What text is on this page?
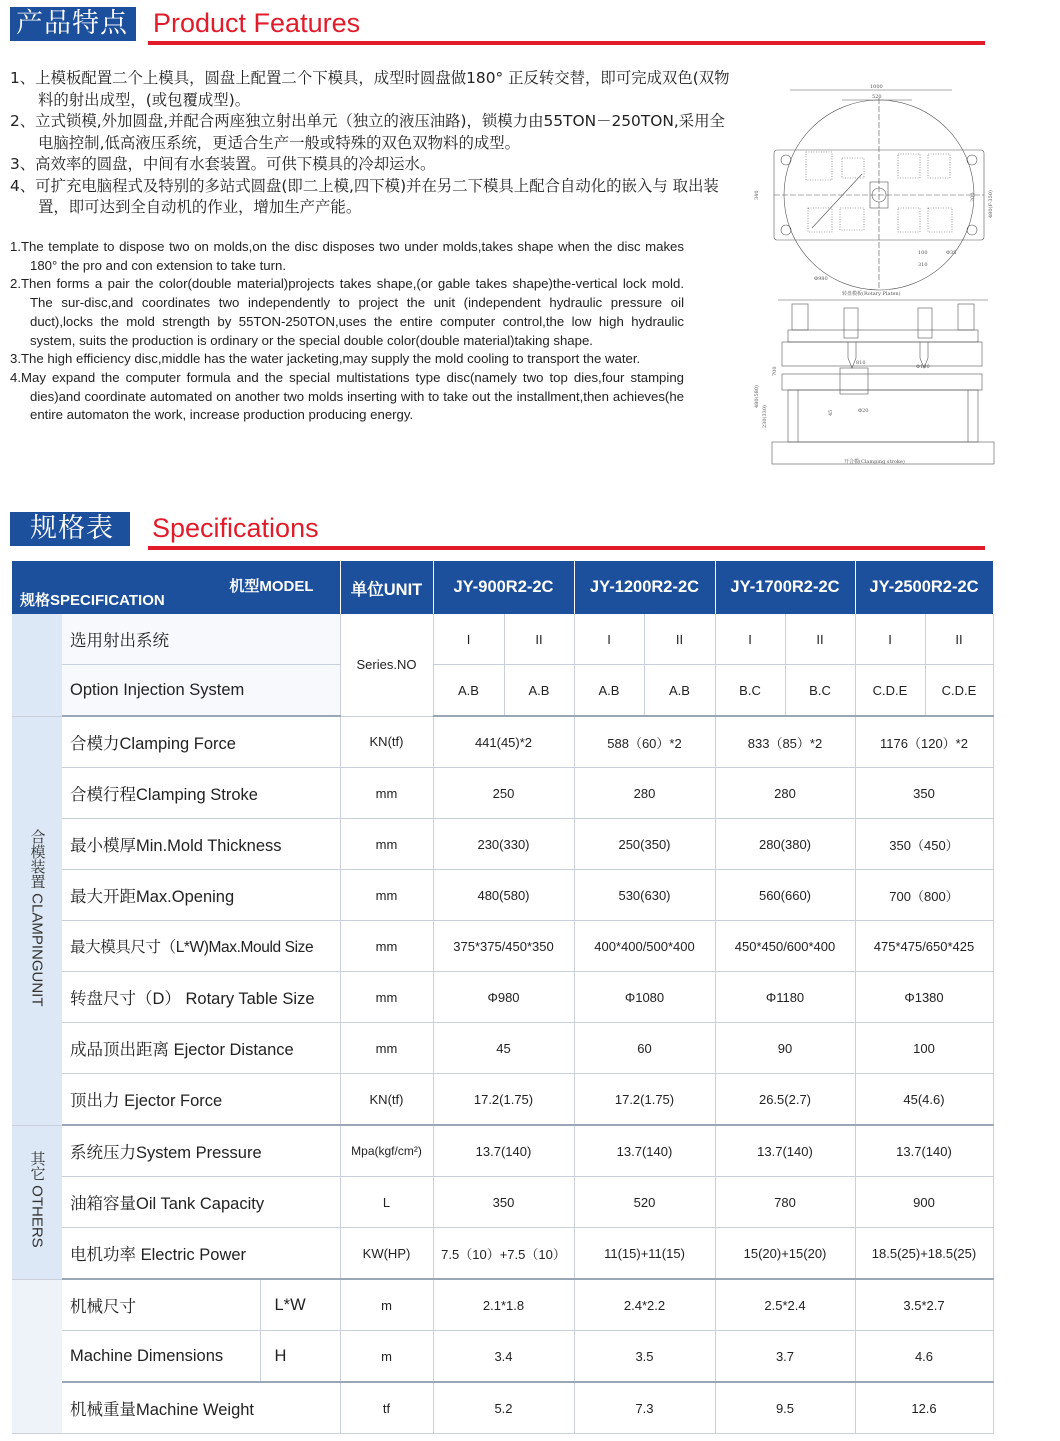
产品特点 Product Features
1、上模板配置二个上模具，圆盘上配置二个下模具，成型时圆盘做180° 正反转交替，即可完成双色(双物料的射出成型，(或包覆成型)。
2、立式锁模,外加圆盘,并配合两座独立射出单元（独立的液压油路)，锁模力由55TON－250TON,采用全电脑控制,低高液压系统，更适合生产一般或特殊的双色双物料的成型。
3、高效率的圆盘，中间有水套装置。可供下模具的冷却运水。
4、可扩充电脑程式及特别的多站式圆盘(即二上模,四下模)并在另二下模具上配合自动化的嵌入与 取出装置，即可达到全自动机的作业，增加生产产能。
1.The template to dispose two on molds,on the disc disposes two under molds,takes shape when the disc makes 180° the pro and con extension to take turn.
2.Then forms a pair the color(double material)projects takes shape,(or gable takes shape)the-vertical lock mold. The sur-disc,and coordinates two independently to project the unit (independent hydraulic pressure oil duct),locks the mold strength by 55TON-250TON,uses the entire computer control,the low high hydraulic system, suits the production is ordinary or the special double color(double material)taking shape.
3.The high efficiency disc,middle has the water jacketing,may supply the mold cooling to transport the water.
4.May expand the computer formula and the special multistations type disc(namely two top dies,four stamping dies)and coordinate automated on another two molds inserting with to take out the installment,then achieves(he entire automaton the work, increase production producing energy.
1000
520
340	200 480(F-350)
100	Φ35
310
Φ980
转盘模板(Rotary Platen)
810
Φ100
700
480(580)
230(330)	45	Φ20
开合模(Clamping stroke)
规格表	Specifications
机型MODEL
规格SPECIFICATION			单位UNIT	JY-900R2-2C		JY-1200R2-2C		JY-1700R2-2C		JY-2500R2-2C	
	选用射出系统		Series.NO	I	II	I	II	I	II	I	II
	Option Injection System			A.B	A.B	A.B	A.B	B.C	B.C	C.D.E	C.D.E
合模装置 CLAMPINGUNIT	合模力Clamping Force		KN(tf)	441(45)*2		588（60）*2		833（85）*2		1176（120）*2	
	合模行程Clamping Stroke		mm	250		280		280		350	
	最小模厚Min.Mold Thickness		mm	230(330)		250(350)		280(380)		350（450）	
	最大开距Max.Opening		mm	480(580)		530(630)		560(660)		700（800）	
	最大模具尺寸（L*W)Max.Mould Size		mm	375*375/450*350		400*400/500*400		450*450/600*400		475*475/650*425	
	转盘尺寸（D） Rotary Table Size		mm	Φ980		Φ1080		Φ1180		Φ1380	
	成品顶出距离 Ejector Distance		mm	45		60		90		100	
	顶出力 Ejector Force		KN(tf)	17.2(1.75)		17.2(1.75)		26.5(2.7)		45(4.6)	
其它 OTHERS	系统压力System Pressure		Mpa(kgf/cm²)	13.7(140)		13.7(140)		13.7(140)		13.7(140)	
	油箱容量Oil Tank Capacity		L	350		520		780		900	
	电机功率 Electric Power		KW(HP)	7.5（10）+7.5（10）		11(15)+11(15)		15(20)+15(20)		18.5(25)+18.5(25)	
	机械尺寸	L*W	m	2.1*1.8		2.4*2.2		2.5*2.4		3.5*2.7	
	Machine Dimensions	H	m	3.4		3.5		3.7		4.6	
	机械重量Machine Weight		tf	5.2		7.3		9.5		12.6	
